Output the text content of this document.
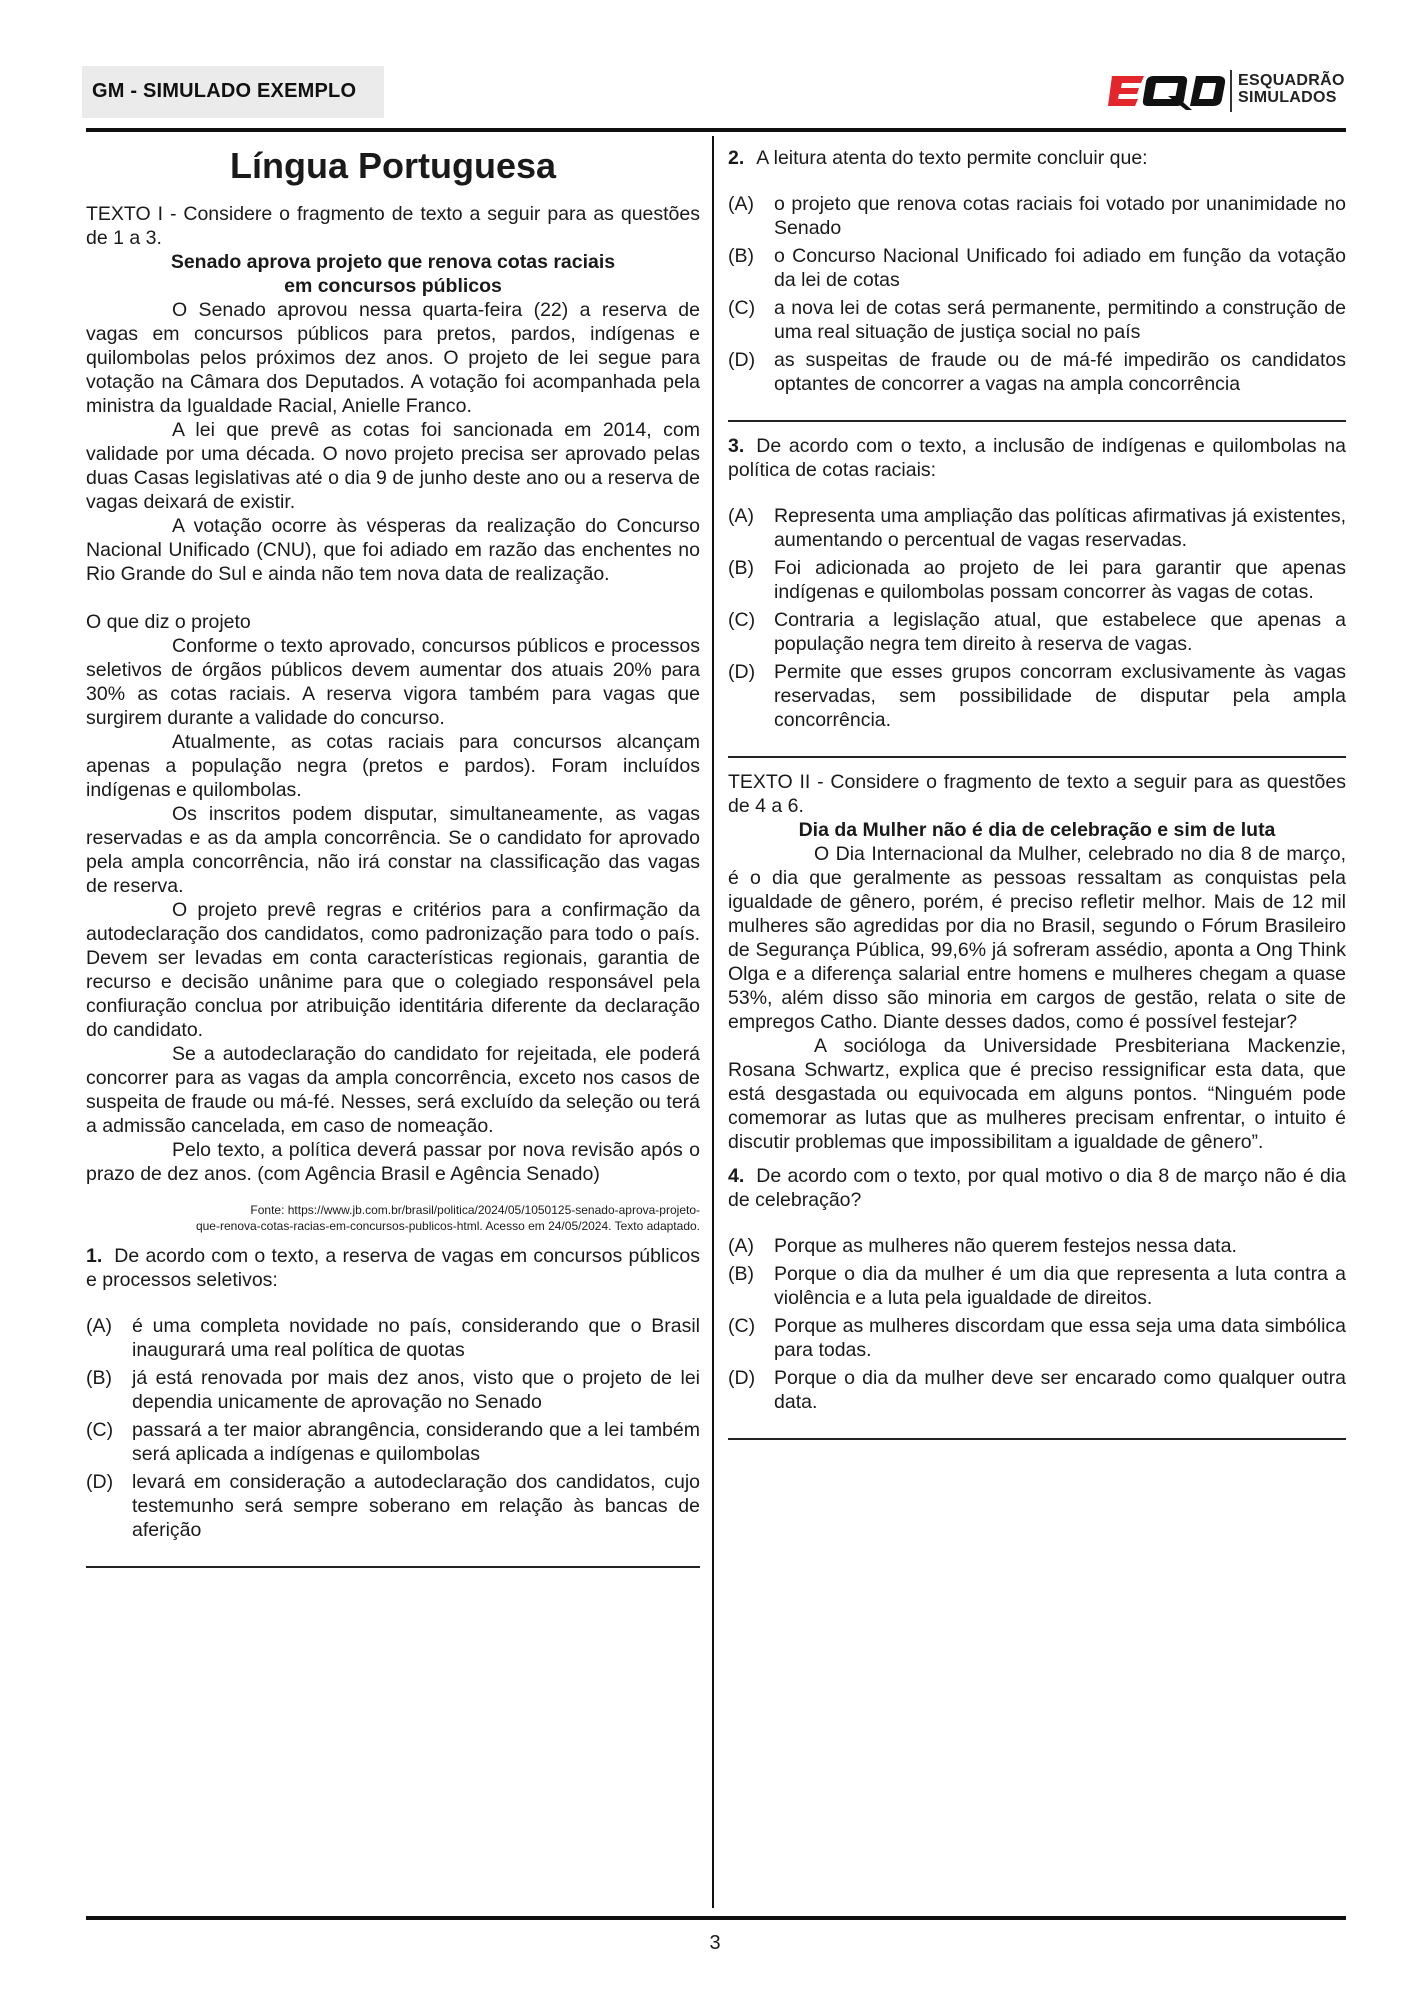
GM - SIMULADO EXEMPLO	ESQUADRÃO
SIMULADOS
Língua Portuguesa

TEXTO I - Considere o fragmento de texto a seguir para as questões de 1 a 3.

Senado aprova projeto que renova cotas raciais
em concursos públicos

O Senado aprovou nessa quarta-feira (22) a reserva de vagas em concursos públicos para pretos, pardos, indígenas e quilombolas pelos próximos dez anos. O projeto de lei segue para votação na Câmara dos Deputados. A votação foi acompanhada pela ministra da Igualdade Racial, Anielle Franco.

A lei que prevê as cotas foi sancionada em 2014, com validade por uma década. O novo projeto precisa ser aprovado pelas duas Casas legislativas até o dia 9 de junho deste ano ou a reserva de vagas deixará de existir.

A votação ocorre às vésperas da realização do Concurso Nacional Unificado (CNU), que foi adiado em razão das enchentes no Rio Grande do Sul e ainda não tem nova data de realização.

O que diz o projeto

Conforme o texto aprovado, concursos públicos e processos seletivos de órgãos públicos devem aumentar dos atuais 20% para 30% as cotas raciais. A reserva vigora também para vagas que surgirem durante a validade do concurso.

Atualmente, as cotas raciais para concursos alcançam apenas a população negra (pretos e pardos). Foram incluídos indígenas e quilombolas.

Os inscritos podem disputar, simultaneamente, as vagas reservadas e as da ampla concorrência. Se o candidato for aprovado pela ampla concorrência, não irá constar na classificação das vagas de reserva.

O projeto prevê regras e critérios para a confirmação da autodeclaração dos candidatos, como padronização para todo o país. Devem ser levadas em conta características regionais, garantia de recurso e decisão unânime para que o colegiado responsável pela confiuração conclua por atribuição identitária diferente da declaração do candidato.

Se a autodeclaração do candidato for rejeitada, ele poderá concorrer para as vagas da ampla concorrência, exceto nos casos de suspeita de fraude ou má-fé. Nesses, será excluído da seleção ou terá a admissão cancelada, em caso de nomeação.

Pelo texto, a política deverá passar por nova revisão após o prazo de dez anos. (com Agência Brasil e Agência Senado)

Fonte: https://www.jb.com.br/brasil/politica/2024/05/1050125-senado-aprova-projeto-
que-renova-cotas-racias-em-concursos-publicos-html. Acesso em 24/05/2024. Texto adaptado.

1. De acordo com o texto, a reserva de vagas em concursos públicos e processos seletivos:

(A)	é uma completa novidade no país, considerando que o Brasil inaugurará uma real política de quotas
(B)	já está renovada por mais dez anos, visto que o projeto de lei dependia unicamente de aprovação no Senado
(C) passará a ter maior abrangência, considerando que a lei também será aplicada a indígenas e quilombolas
(D) levará em consideração a autodeclaração dos candidatos, cujo testemunho será sempre soberano em relação às bancas de aferição

2. A leitura atenta do texto permite concluir que:

(A)	o projeto que renova cotas raciais foi votado por unanimidade no Senado
(B)	o Concurso Nacional Unificado foi adiado em função da votação da lei de cotas
(C) a nova lei de cotas será permanente, permitindo a construção de uma real situação de justiça social no país
(D) as suspeitas de fraude ou de má-fé impedirão os candidatos optantes de concorrer a vagas na ampla concorrência

3. De acordo com o texto, a inclusão de indígenas e quilombolas na política de cotas raciais:

(A)	Representa uma ampliação das políticas afirmativas já existentes, aumentando o percentual de vagas reservadas.
(B)	Foi adicionada ao projeto de lei para garantir que apenas indígenas e quilombolas possam concorrer às vagas de cotas.
(C) Contraria a legislação atual, que estabelece que apenas a população negra tem direito à reserva de vagas.
(D) Permite que esses grupos concorram exclusivamente às vagas reservadas, sem possibilidade de disputar pela ampla concorrência.

TEXTO II - Considere o fragmento de texto a seguir para as questões de 4 a 6.

Dia da Mulher não é dia de celebração e sim de luta

O Dia Internacional da Mulher, celebrado no dia 8 de março, é o dia que geralmente as pessoas ressaltam as conquistas pela igualdade de gênero, porém, é preciso refletir melhor. Mais de 12 mil mulheres são agredidas por dia no Brasil, segundo o Fórum Brasileiro de Segurança Pública, 99,6% já sofreram assédio, aponta a Ong Think Olga e a diferença salarial entre homens e mulheres chegam a quase 53%, além disso são minoria em cargos de gestão, relata o site de empregos Catho. Diante desses dados, como é possível festejar?

A socióloga da Universidade Presbiteriana Mackenzie, Rosana Schwartz, explica que é preciso ressignificar esta data, que está desgastada ou equivocada em alguns pontos. “Ninguém pode comemorar as lutas que as mulheres precisam enfrentar, o intuito é discutir problemas que impossibilitam a igualdade de gênero”.

4. De acordo com o texto, por qual motivo o dia 8 de março não é dia de celebração?

(A)	Porque as mulheres não querem festejos nessa data.
(B)	Porque o dia da mulher é um dia que representa a luta contra a violência e a luta pela igualdade de direitos.
(C) Porque as mulheres discordam que essa seja uma data simbólica para todas.
(D) Porque o dia da mulher deve ser encarado como qualquer outra data.
3
